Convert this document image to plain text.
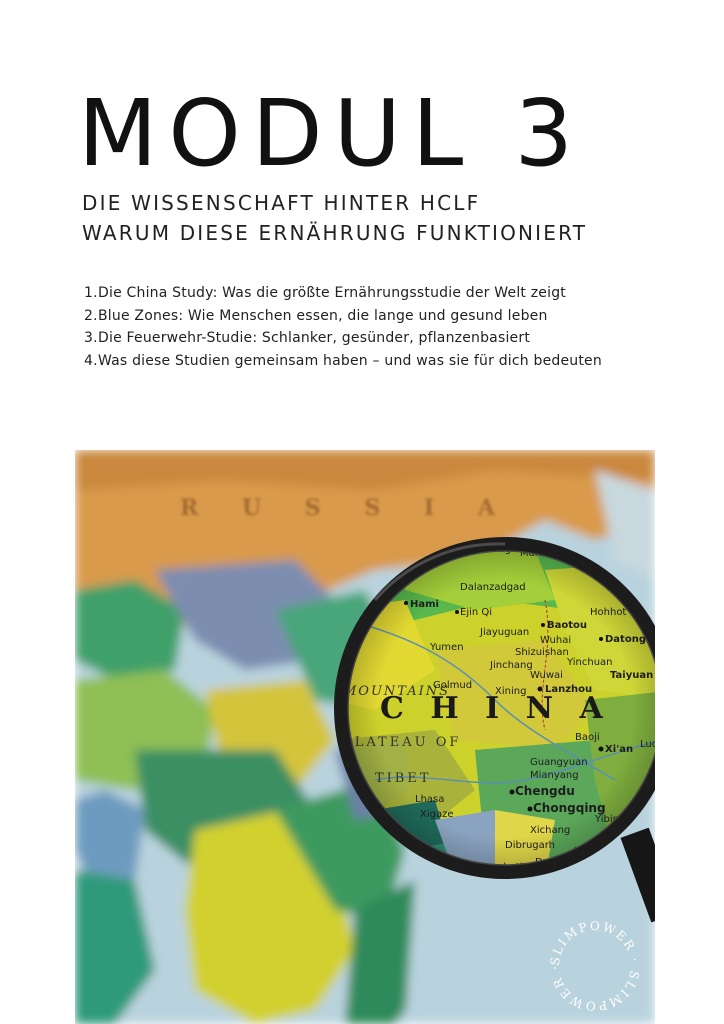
MODUL 3
DIE WISSENSCHAFT HINTER HCLF
WARUM DIESE ERNÄHRUNG FUNKTIONIERT
1. Die China Study: Was die größte Ernährungsstudie der Welt zeigt
2. Blue Zones: Wie Menschen essen, die lange und gesund leben
3. Die Feuerwehr-Studie: Schlanker, gesünder, pflanzenbasiert
4. Was diese Studien gemeinsam haben – und was sie für dich bedeuten
R U S S I A
SLIMPOWER · SLIMPOWER ·
